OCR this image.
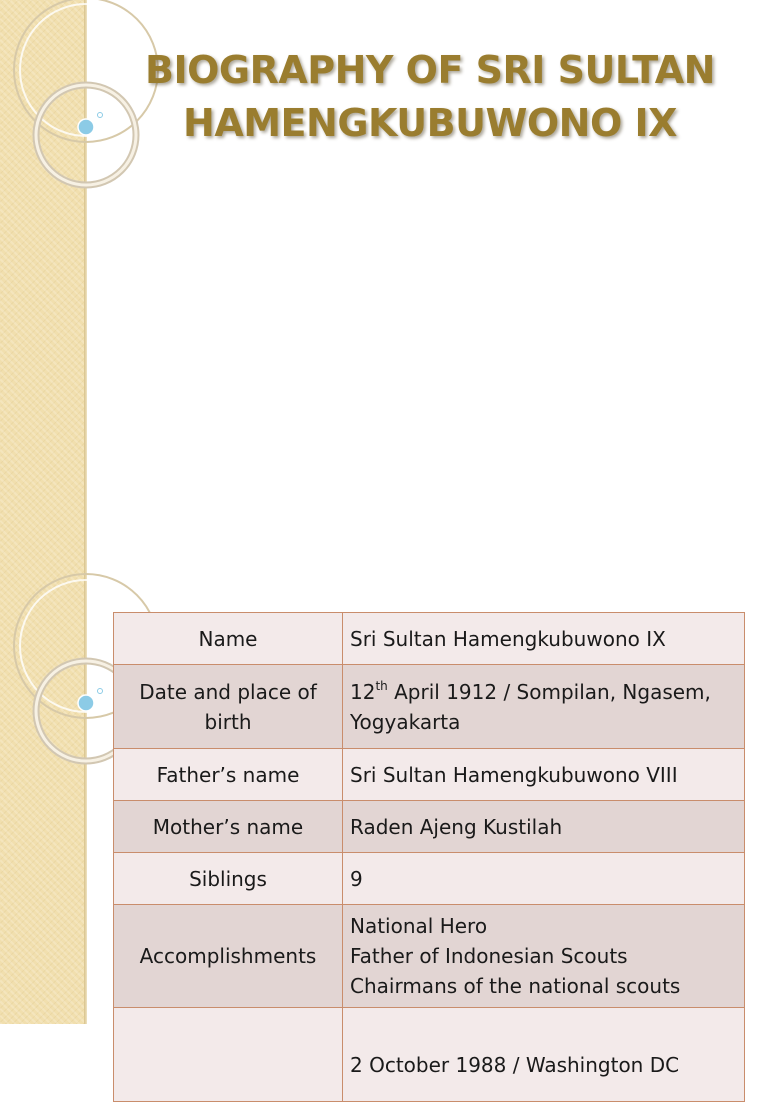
BIOGRAPHY OF SRI SULTAN
HAMENGKUBUWONO IX
Name	Sri Sultan Hamengkubuwono IX
Date and place of birth	12th April 1912 / Sompilan, Ngasem, Yogyakarta
Father’s name	Sri Sultan Hamengkubuwono VIII
Mother’s name	Raden Ajeng Kustilah
Siblings	9
Accomplishments	National Hero
Father of Indonesian Scouts
Chairmans of the national scouts

	2 October 1988 / Washington DC
